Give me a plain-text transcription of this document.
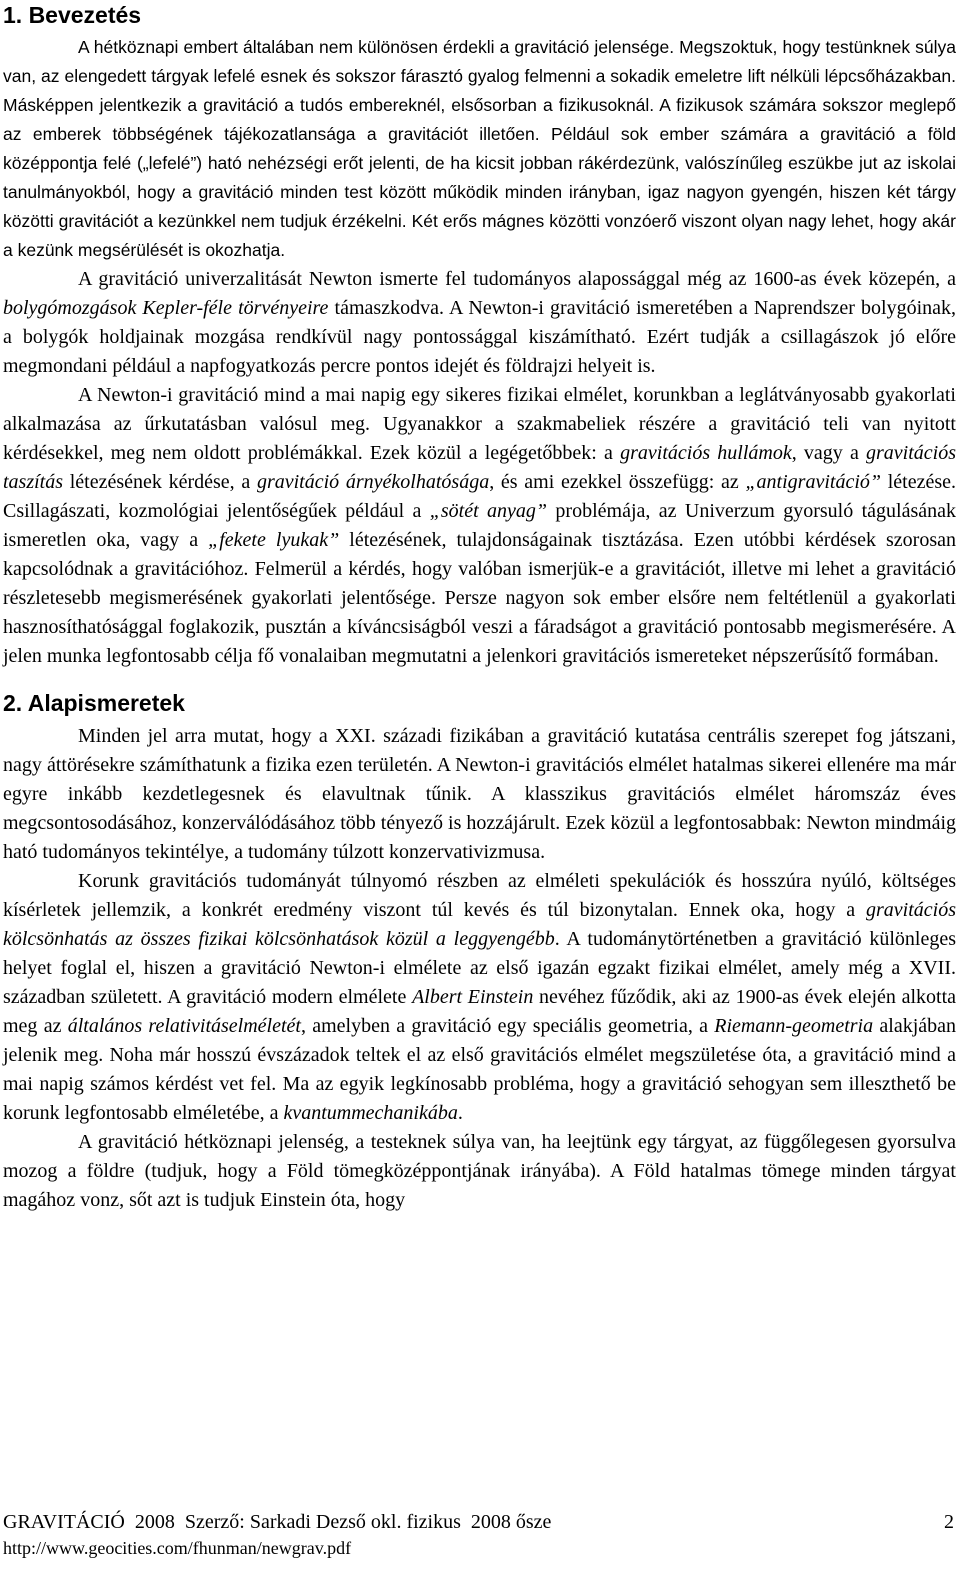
1. Bevezetés

A hétköznapi embert általában nem különösen érdekli a gravitáció jelensége. Megszoktuk, hogy testünknek súlya van, az elengedett tárgyak lefelé esnek és sokszor fárasztó gyalog felmenni a sokadik emeletre lift nélküli lépcsőházakban. Másképpen jelentkezik a gravitáció a tudós embereknél, elsősorban a fizikusoknál. A fizikusok számára sokszor meglepő az emberek többségének tájékozatlansága a gravitációt illetően. Például sok ember számára a gravitáció a föld középpontja felé („lefelé”) ható nehézségi erőt jelenti, de ha kicsit jobban rákérdezünk, valószínűleg eszükbe jut az iskolai tanulmányokból, hogy a gravitáció minden test között működik minden irányban, igaz nagyon gyengén, hiszen két tárgy közötti gravitációt a kezünkkel nem tudjuk érzékelni. Két erős mágnes közötti vonzóerő viszont olyan nagy lehet, hogy akár a kezünk megsérülését is okozhatja.

A gravitáció univerzalitását Newton ismerte fel tudományos alapossággal még az 1600-as évek közepén, a bolygómozgások Kepler-féle törvényeire támaszkodva. A Newton-i gravitáció ismeretében a Naprendszer bolygóinak, a bolygók holdjainak mozgása rendkívül nagy pontossággal kiszámítható. Ezért tudják a csillagászok jó előre megmondani például a napfogyatkozás percre pontos idejét és földrajzi helyeit is.

A Newton-i gravitáció mind a mai napig egy sikeres fizikai elmélet, korunkban a leglátványosabb gyakorlati alkalmazása az űrkutatásban valósul meg. Ugyanakkor a szakmabeliek részére a gravitáció teli van nyitott kérdésekkel, meg nem oldott problémákkal. Ezek közül a legégetőbbek: a gravitációs hullámok, vagy a gravitációs taszítás létezésének kérdése, a gravitáció árnyékolhatósága, és ami ezekkel összefügg: az „antigravitáció” létezése. Csillagászati, kozmológiai jelentőségűek például a „sötét anyag” problémája, az Univerzum gyorsuló tágulásának ismeretlen oka, vagy a „fekete lyukak” létezésének, tulajdonságainak tisztázása. Ezen utóbbi kérdések szorosan kapcsolódnak a gravitációhoz. Felmerül a kérdés, hogy valóban ismerjük-e a gravitációt, illetve mi lehet a gravitáció részletesebb megismerésének gyakorlati jelentősége. Persze nagyon sok ember elsőre nem feltétlenül a gyakorlati hasznosíthatósággal foglakozik, pusztán a kíváncsiságból veszi a fáradságot a gravitáció pontosabb megismerésére. A jelen munka legfontosabb célja fő vonalaiban megmutatni a jelenkori gravitációs ismereteket népszerűsítő formában.

2. Alapismeretek

Minden jel arra mutat, hogy a XXI. századi fizikában a gravitáció kutatása centrális szerepet fog játszani, nagy áttörésekre számíthatunk a fizika ezen területén. A Newton-i gravitációs elmélet hatalmas sikerei ellenére ma már egyre inkább kezdetlegesnek és elavultnak tűnik. A klasszikus gravitációs elmélet háromszáz éves megcsontosodásához, konzerválódásához több tényező is hozzájárult. Ezek közül a legfontosabbak: Newton mindmáig ható tudományos tekintélye, a tudomány túlzott konzervativizmusa.

Korunk gravitációs tudományát túlnyomó részben az elméleti spekulációk és hosszúra nyúló, költséges kísérletek jellemzik, a konkrét eredmény viszont túl kevés és túl bizonytalan. Ennek oka, hogy a gravitációs kölcsönhatás az összes fizikai kölcsönhatások közül a leggyengébb. A tudománytörténetben a gravitáció különleges helyet foglal el, hiszen a gravitáció Newton-i elmélete az első igazán egzakt fizikai elmélet, amely még a XVII. században született. A gravitáció modern elmélete Albert Einstein nevéhez fűződik, aki az 1900-as évek elején alkotta meg az általános relativitáselméletét, amelyben a gravitáció egy speciális geometria, a Riemann-geometria alakjában jelenik meg. Noha már hosszú évszázadok teltek el az első gravitációs elmélet megszületése óta, a gravitáció mind a mai napig számos kérdést vet fel. Ma az egyik legkínosabb probléma, hogy a gravitáció sehogyan sem illeszthető be korunk legfontosabb elméletébe, a kvantummechanikába.

A gravitáció hétköznapi jelenség, a testeknek súlya van, ha leejtünk egy tárgyat, az függőlegesen gyorsulva mozog a földre (tudjuk, hogy a Föld tömegközéppontjának irányába). A Föld hatalmas tömege minden tárgyat magához vonz, sőt azt is tudjuk Einstein óta, hogy

GRAVITÁCIÓ  2008  Szerző: Sarkadi Dezső okl. fizikus  2008 ősze	2
http://www.geocities.com/fhunman/newgrav.pdf
